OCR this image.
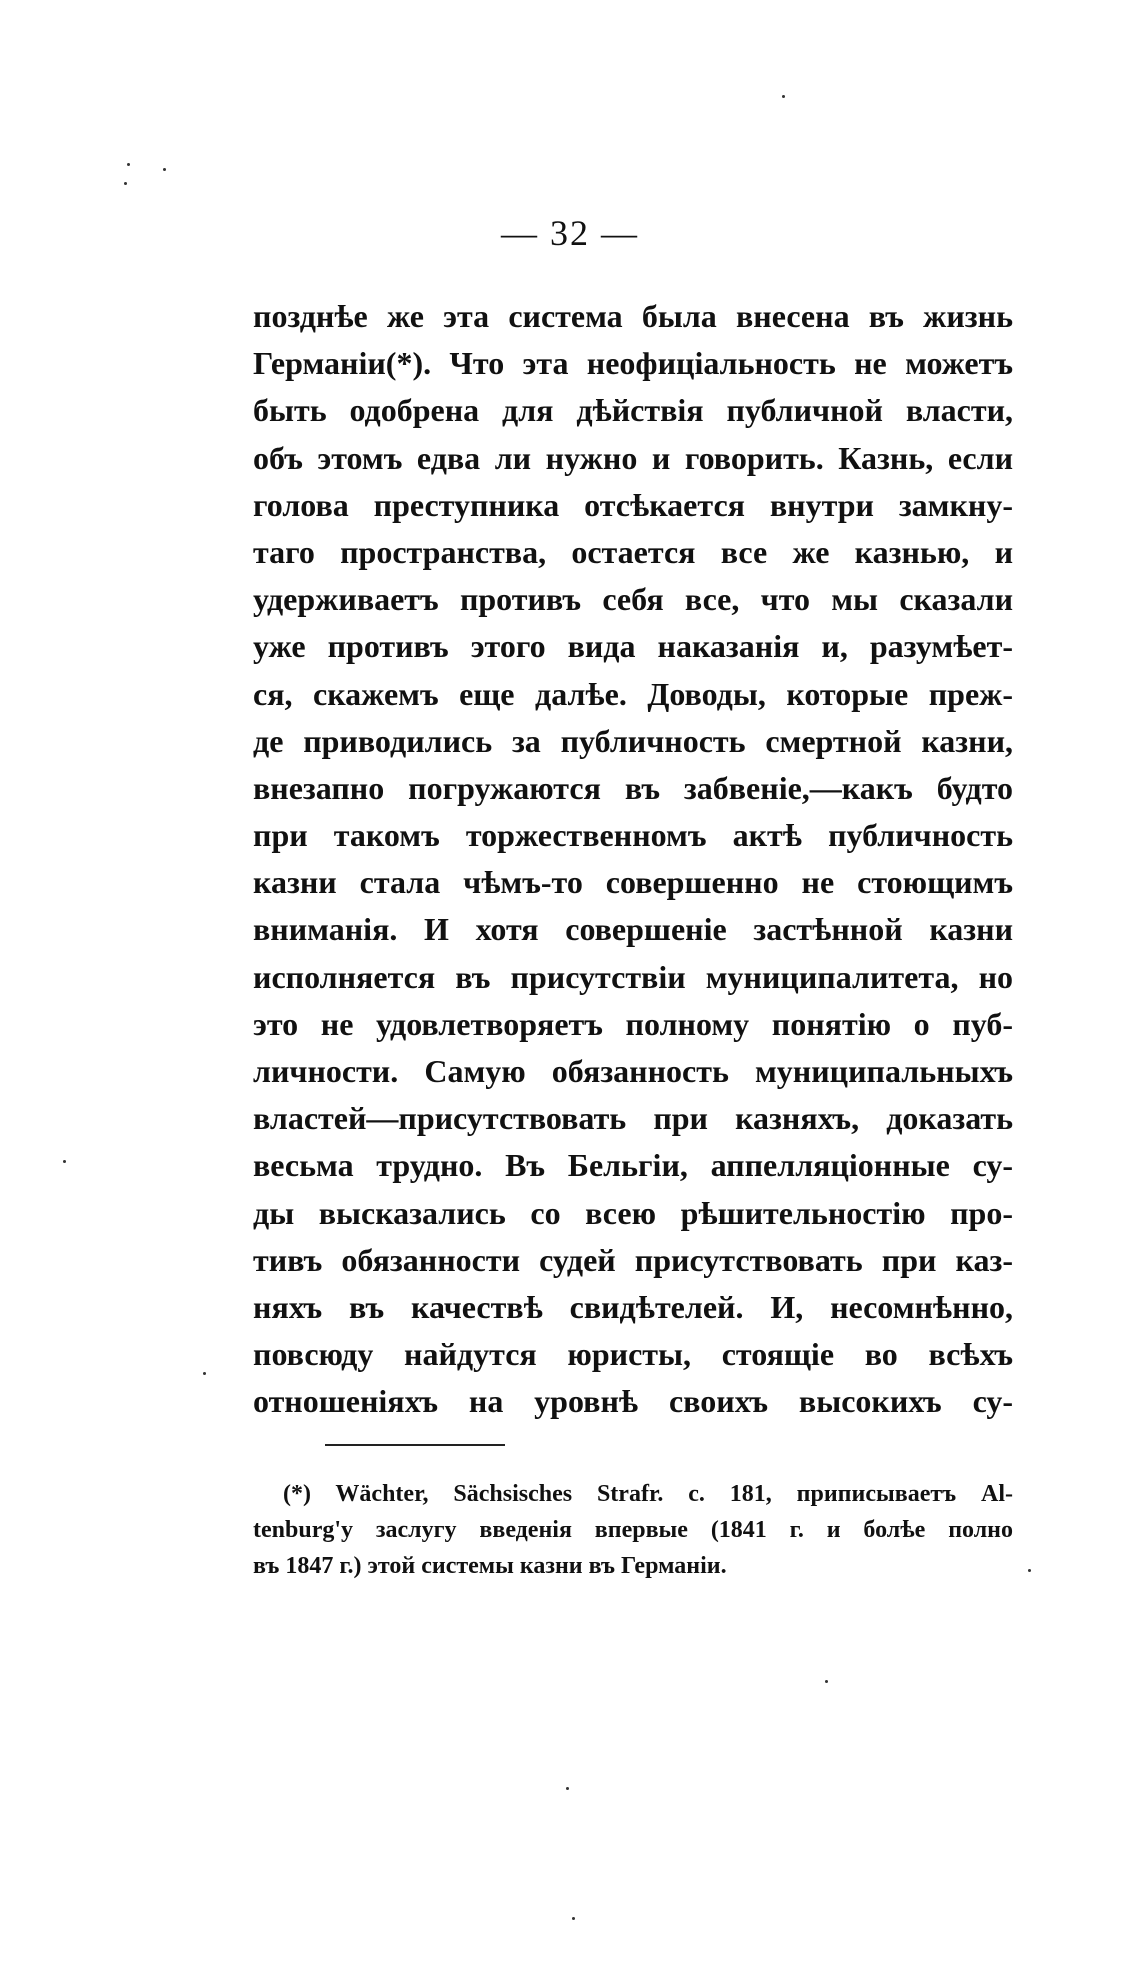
— 32 —
позднѣе же эта система была внесена въ жизнь
Германіи(*). Что эта неофиціальность не можетъ
быть одобрена для дѣйствія публичной власти,
объ этомъ едва ли нужно и говорить. Казнь, если
голова преступника отсѣкается внутри замкну-
таго пространства, остается все же казнью, и
удерживаетъ противъ себя все, что мы сказали
уже противъ этого вида наказанія и, разумѣет-
ся, скажемъ еще далѣе. Доводы, которые преж-
де приводились за публичность смертной казни,
внезапно погружаются въ забвеніе,—какъ будто
при такомъ торжественномъ актѣ публичность
казни стала чѣмъ-то совершенно не стоющимъ
вниманія. И хотя совершеніе застѣнной казни
исполняется въ присутствіи муниципалитета, но
это не удовлетворяетъ полному понятію о пуб-
личности. Самую обязанность муниципальныхъ
властей—присутствовать при казняхъ, доказать
весьма трудно. Въ Бельгіи, аппелляціонные су-
ды высказались со всею рѣшительностію про-
тивъ обязанности судей присутствовать при каз-
няхъ въ качествѣ свидѣтелей. И, несомнѣнно,
повсюду найдутся юристы, стоящіе во всѣхъ
отношеніяхъ на уровнѣ своихъ высокихъ су-
(*) Wächter, Sächsisches Strafr. c. 181, приписываетъ Al-
tenburg'у заслугу введенія впервые (1841 г. и болѣе полно
въ 1847 г.) этой системы казни въ Германіи.
